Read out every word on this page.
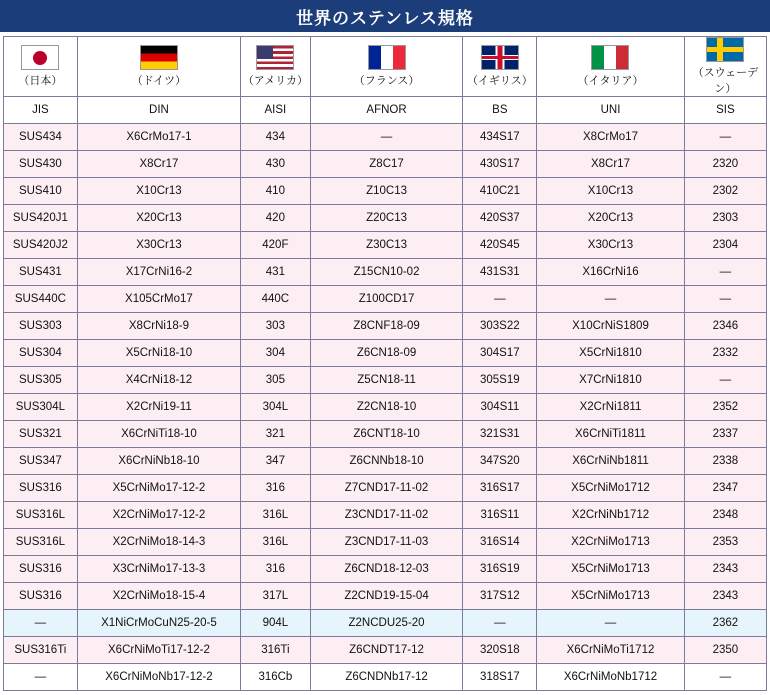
世界のステンレス規格
（日本）	（ドイツ）	（アメリカ）	（フランス）	（イギリス）	（イタリア）	（スウェーデン）

JIS	DIN	AISI	AFNOR	BS	UNI	SIS
SUS434	X6CrMo17-1	434	—	434S17	X8CrMo17	—
SUS430	X8Cr17	430	Z8C17	430S17	X8Cr17	2320
SUS410	X10Cr13	410	Z10C13	410C21	X10Cr13	2302
SUS420J1	X20Cr13	420	Z20C13	420S37	X20Cr13	2303
SUS420J2	X30Cr13	420F	Z30C13	420S45	X30Cr13	2304
SUS431	X17CrNi16-2	431	Z15CN10-02	431S31	X16CrNi16	—
SUS440C	X105CrMo17	440C	Z100CD17	—	—	—
SUS303	X8CrNi18-9	303	Z8CNF18-09	303S22	X10CrNiS1809	2346
SUS304	X5CrNi18-10	304	Z6CN18-09	304S17	X5CrNi1810	2332
SUS305	X4CrNi18-12	305	Z5CN18-11	305S19	X7CrNi1810	—
SUS304L	X2CrNi19-11	304L	Z2CN18-10	304S11	X2CrNi1811	2352
SUS321	X6CrNiTi18-10	321	Z6CNT18-10	321S31	X6CrNiTi1811	2337
SUS347	X6CrNiNb18-10	347	Z6CNNb18-10	347S20	X6CrNiNb1811	2338
SUS316	X5CrNiMo17-12-2	316	Z7CND17-11-02	316S17	X5CrNiMo1712	2347
SUS316L	X2CrNiMo17-12-2	316L	Z3CND17-11-02	316S11	X2CrNiNb1712	2348
SUS316L	X2CrNiMo18-14-3	316L	Z3CND17-11-03	316S14	X2CrNiMo1713	2353
SUS316	X3CrNiMo17-13-3	316	Z6CND18-12-03	316S19	X5CrNiMo1713	2343
SUS316	X2CrNiMo18-15-4	317L	Z2CND19-15-04	317S12	X5CrNiMo1713	2343
—	X1NiCrMoCuN25-20-5	904L	Z2NCDU25-20	—	—	2362
SUS316Ti	X6CrNiMoTi17-12-2	316Ti	Z6CNDT17-12	320S18	X6CrNiMoTi1712	2350
—	X6CrNiMoNb17-12-2	316Cb	Z6CNDNb17-12	318S17	X6CrNiMoNb1712	—
